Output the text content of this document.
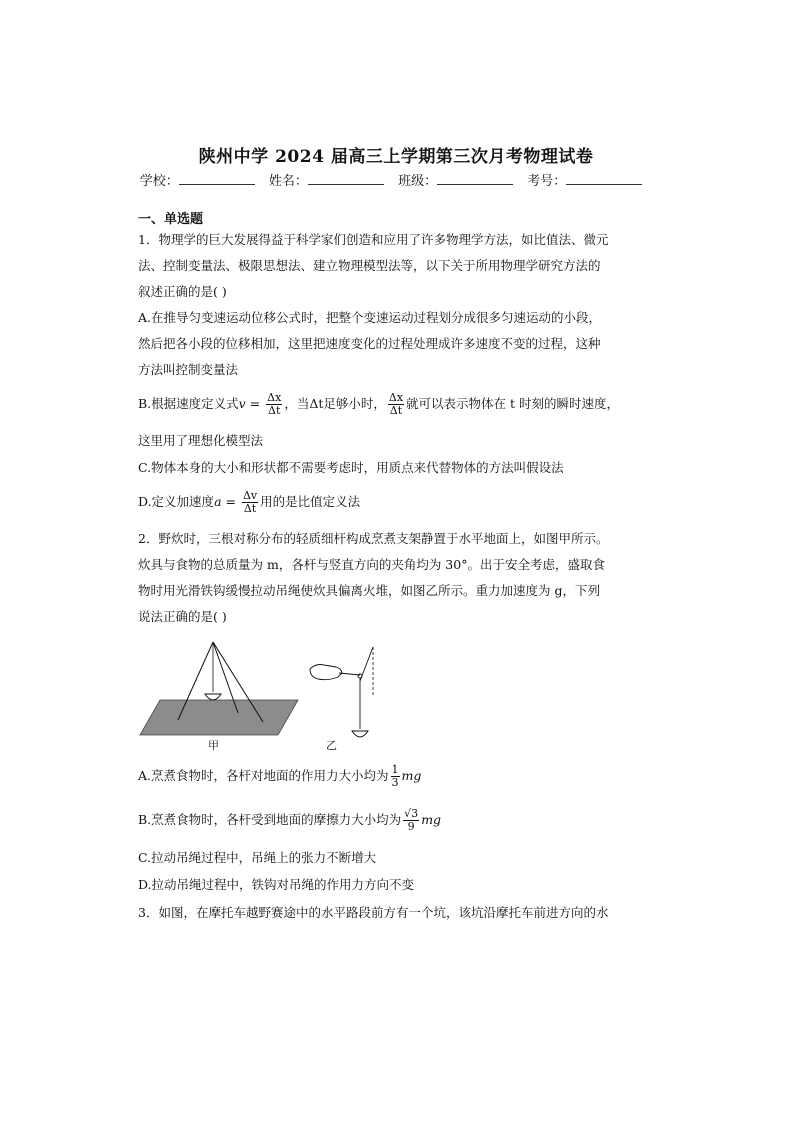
陕州中学 2024 届高三上学期第三次月考物理试卷
学校：	姓名：	班级：	考号：
一、单选题
1．物理学的巨大发展得益于科学家们创造和应用了许多物理学方法，如比值法、微元
法、控制变量法、极限思想法、建立物理模型法等，以下关于所用物理学研究方法的
叙述正确的是( )
A.在推导匀变速运动位移公式时，把整个变速运动过程划分成很多匀速运动的小段，
然后把各小段的位移相加，这里把速度变化的过程处理成许多速度不变的过程，这种
方法叫控制变量法
B.根据速度定义式$v = \frac{\Delta x}{\Delta t}$ ，当Δt足够小时， $\frac{\Delta x}{\Delta t}$ 就可以表示物体在 t 时刻的瞬时速度，
这里用了理想化模型法
C.物体本身的大小和形状都不需要考虑时，用质点来代替物体的方法叫假设法
D.定义加速度$a = \frac{\Delta v}{\Delta t}$ 用的是比值定义法
2．野炊时，三根对称分布的轻质细杆构成烹煮支架静置于水平地面上，如图甲所示。
炊具与食物的总质量为 m，各杆与竖直方向的夹角均为 30°。出于安全考虑，盛取食
物时用光滑铁钩缓慢拉动吊绳使炊具偏离火堆，如图乙所示。重力加速度为 g，下列
说法正确的是( )
甲	乙
A.烹煮食物时，各杆对地面的作用力大小均为 $\frac{1}{3}$ mg
B.烹煮食物时，各杆受到地面的摩擦力大小均为 $\frac{√3}{9}$ mg
C.拉动吊绳过程中，吊绳上的张力不断增大
D.拉动吊绳过程中，铁钩对吊绳的作用力方向不变
3．如图，在摩托车越野赛途中的水平路段前方有一个坑，该坑沿摩托车前进方向的水
